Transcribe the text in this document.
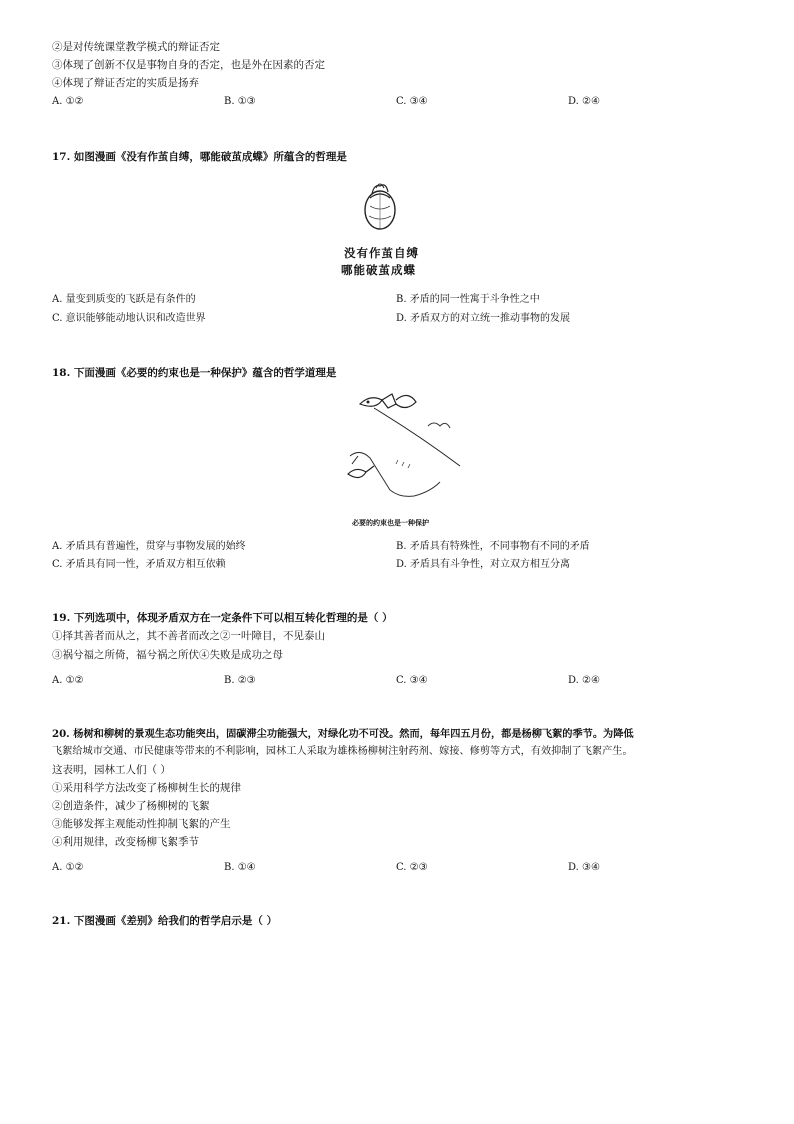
②是对传统课堂教学模式的辩证否定
③体现了创新不仅是事物自身的否定，也是外在因素的否定
④体现了辩证否定的实质是扬弃
A. ①②	B. ①③	C. ③④	D. ②④
17. 如图漫画《没有作茧自缚，哪能破茧成蝶》所蕴含的哲理是
没有作茧自缚
哪能破茧成蝶
A. 量变到质变的飞跃是有条件的	B. 矛盾的同一性寓于斗争性之中
C. 意识能够能动地认识和改造世界	D. 矛盾双方的对立统一推动事物的发展
18. 下面漫画《必要的约束也是一种保护》蕴含的哲学道理是
必要的约束也是一种保护
A. 矛盾具有普遍性，贯穿与事物发展的始终	B. 矛盾具有特殊性，不同事物有不同的矛盾
C. 矛盾具有同一性，矛盾双方相互依赖	D. 矛盾具有斗争性，对立双方相互分离
19. 下列选项中，体现矛盾双方在一定条件下可以相互转化哲理的是（ ）
①择其善者而从之，其不善者而改之②一叶障目，不见泰山
③祸兮福之所倚，福兮祸之所伏④失败是成功之母
A. ①②	B. ②③	C. ③④	D. ②④
20. 杨树和柳树的景观生态功能突出，固碳滞尘功能强大，对绿化功不可没。然而，每年四五月份，都是杨柳飞絮的季节。为降低
飞絮给城市交通、市民健康等带来的不利影响，园林工人采取为雄株杨柳树注射药剂、嫁接、修剪等方式，有效抑制了飞絮产生。
这表明，园林工人们（ ）
①采用科学方法改变了杨柳树生长的规律
②创造条件，减少了杨柳树的飞絮
③能够发挥主观能动性抑制飞絮的产生
④利用规律，改变杨柳飞絮季节
A. ①②	B. ①④	C. ②③	D. ③④
21. 下图漫画《差别》给我们的哲学启示是（ ）
